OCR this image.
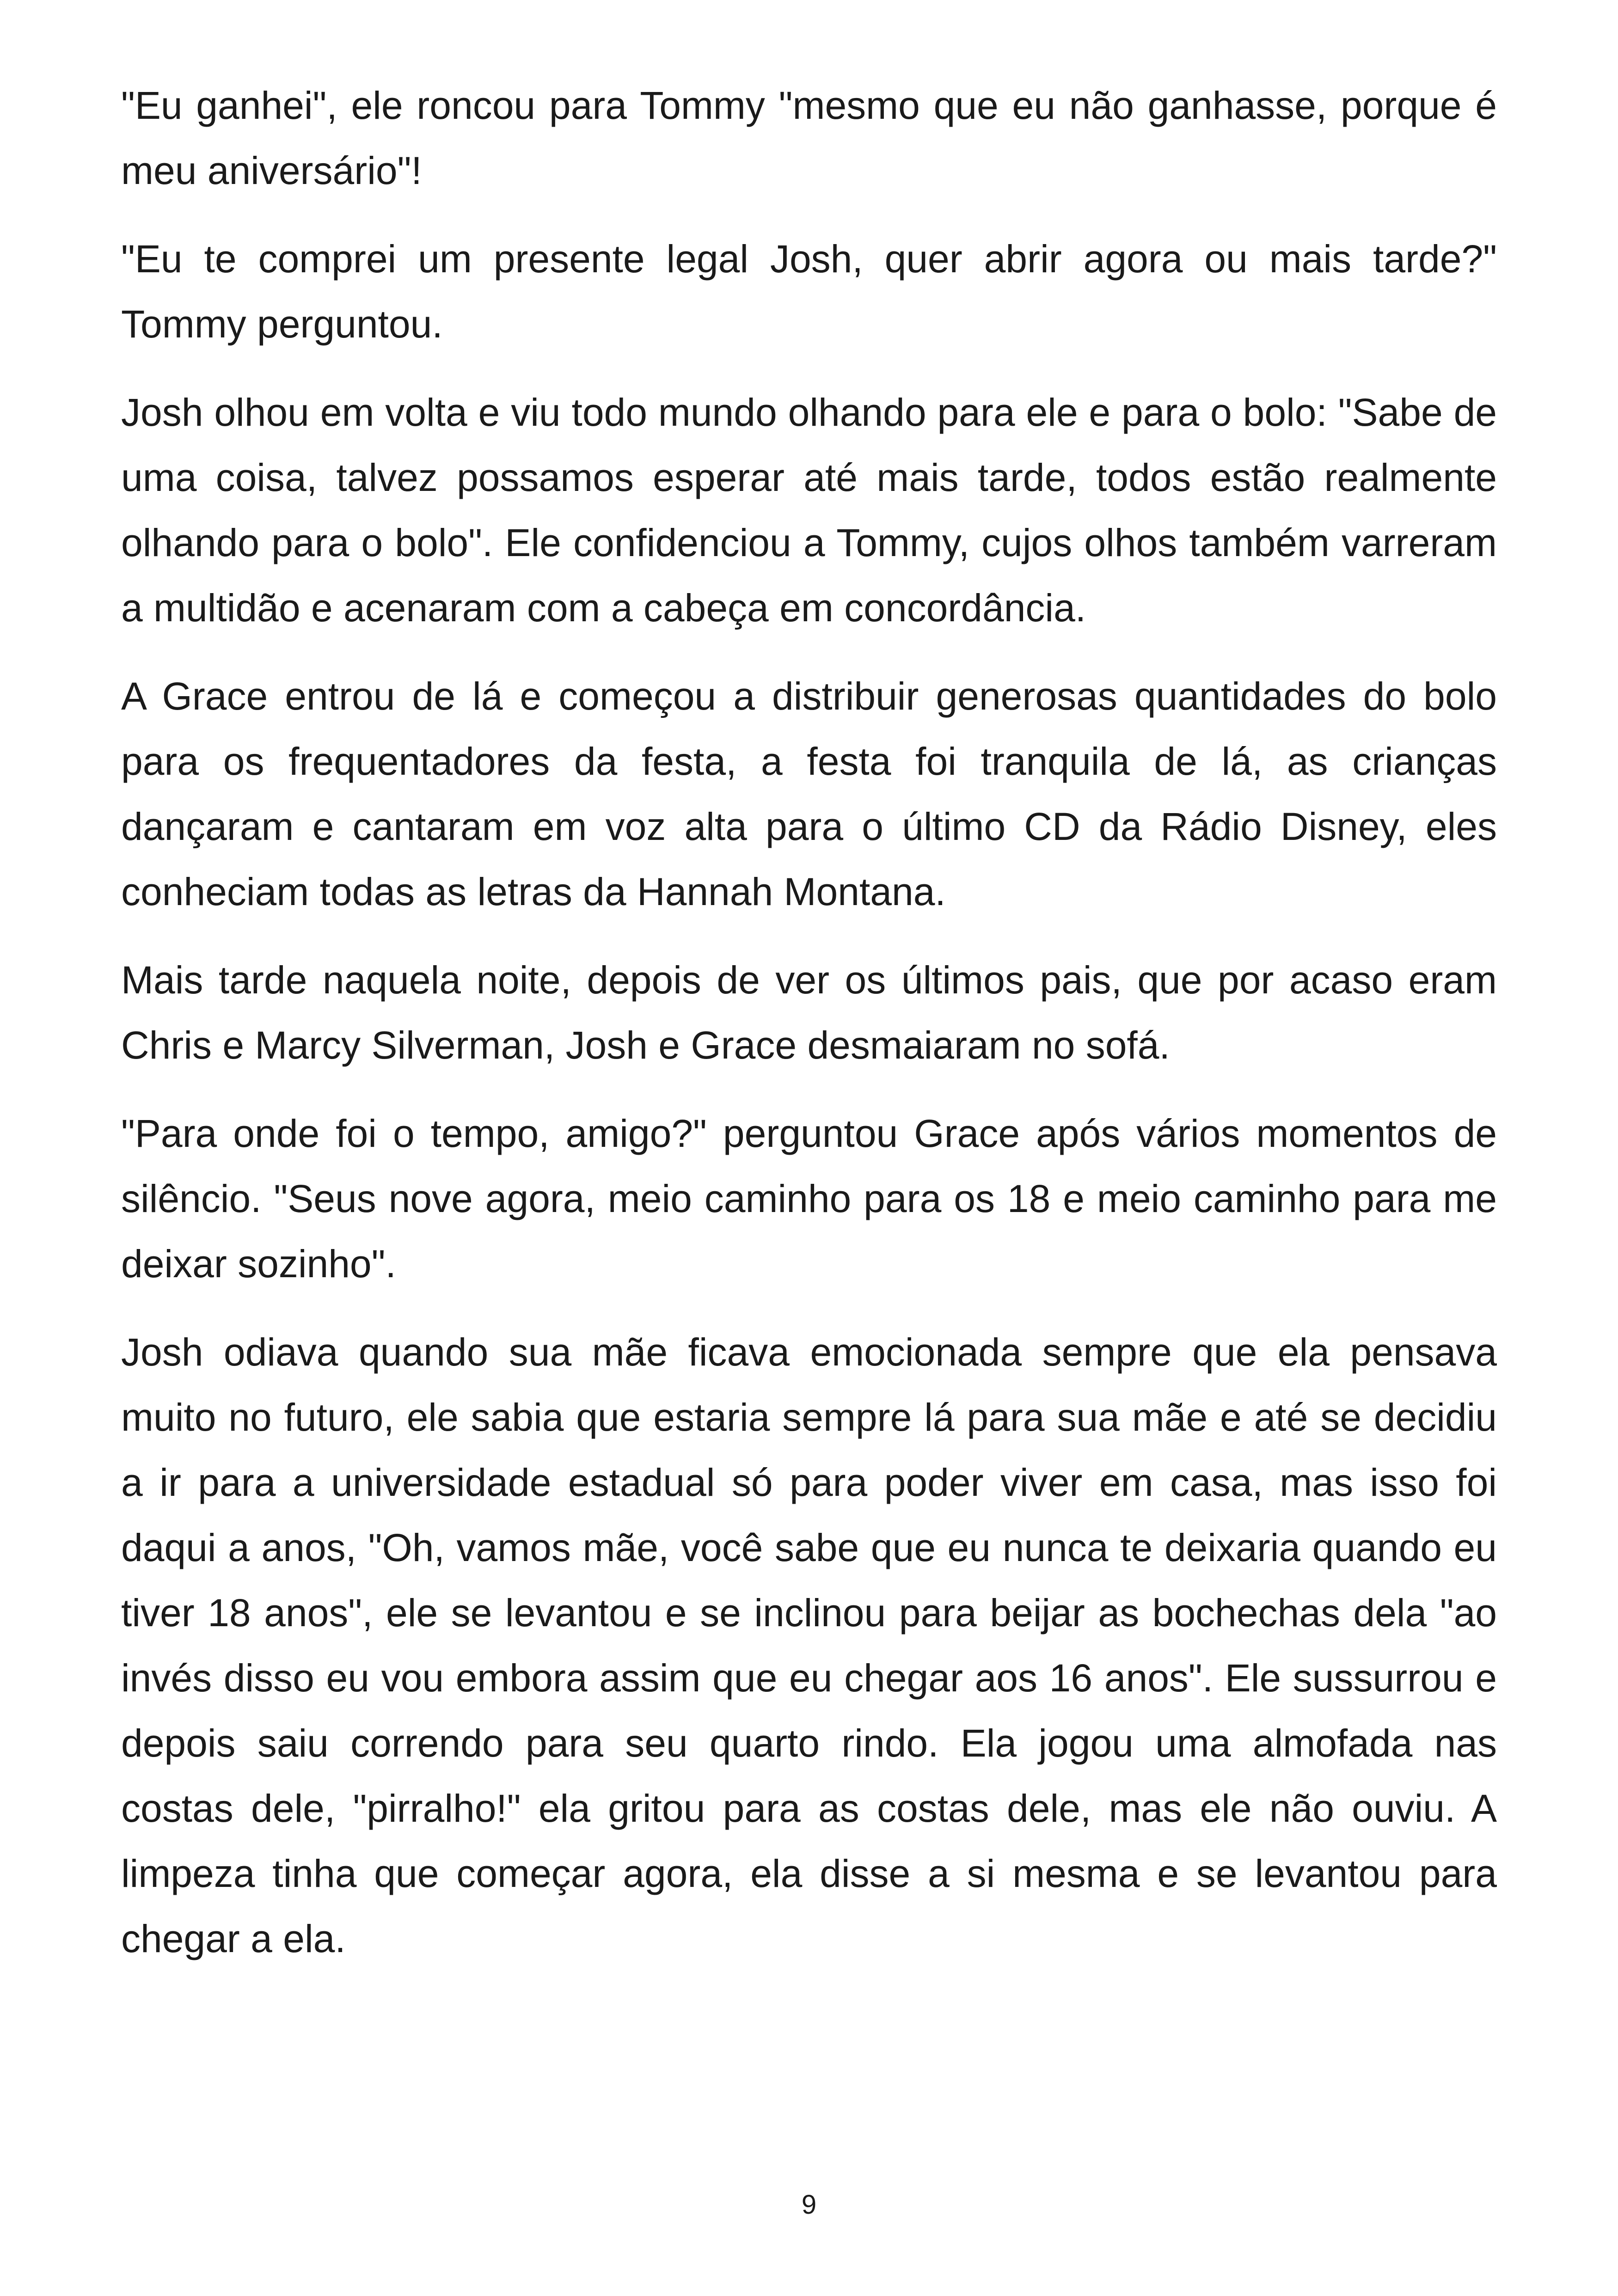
"Eu ganhei", ele roncou para Tommy "mesmo que eu não ganhasse, porque é meu aniversário"!

"Eu te comprei um presente legal Josh, quer abrir agora ou mais tarde?" Tommy perguntou.

Josh olhou em volta e viu todo mundo olhando para ele e para o bolo: "Sabe de uma coisa, talvez possamos esperar até mais tarde, todos estão realmente olhando para o bolo". Ele confidenciou a Tommy, cujos olhos também varreram a multidão e acenaram com a cabeça em concordância.

A Grace entrou de lá e começou a distribuir generosas quantidades do bolo para os frequentadores da festa, a festa foi tranquila de lá, as crianças dançaram e cantaram em voz alta para o último CD da Rádio Disney, eles conheciam todas as letras da Hannah Montana.

Mais tarde naquela noite, depois de ver os últimos pais, que por acaso eram Chris e Marcy Silverman, Josh e Grace desmaiaram no sofá.

"Para onde foi o tempo, amigo?" perguntou Grace após vários momentos de silêncio. "Seus nove agora, meio caminho para os 18 e meio caminho para me deixar sozinho".

Josh odiava quando sua mãe ficava emocionada sempre que ela pensava muito no futuro, ele sabia que estaria sempre lá para sua mãe e até se decidiu a ir para a universidade estadual só para poder viver em casa, mas isso foi daqui a anos, "Oh, vamos mãe, você sabe que eu nunca te deixaria quando eu tiver 18 anos", ele se levantou e se inclinou para beijar as bochechas dela "ao invés disso eu vou embora assim que eu chegar aos 16 anos". Ele sussurrou e depois saiu correndo para seu quarto rindo. Ela jogou uma almofada nas costas dele, "pirralho!" ela gritou para as costas dele, mas ele não ouviu. A limpeza tinha que começar agora, ela disse a si mesma e se levantou para chegar a ela.

9
